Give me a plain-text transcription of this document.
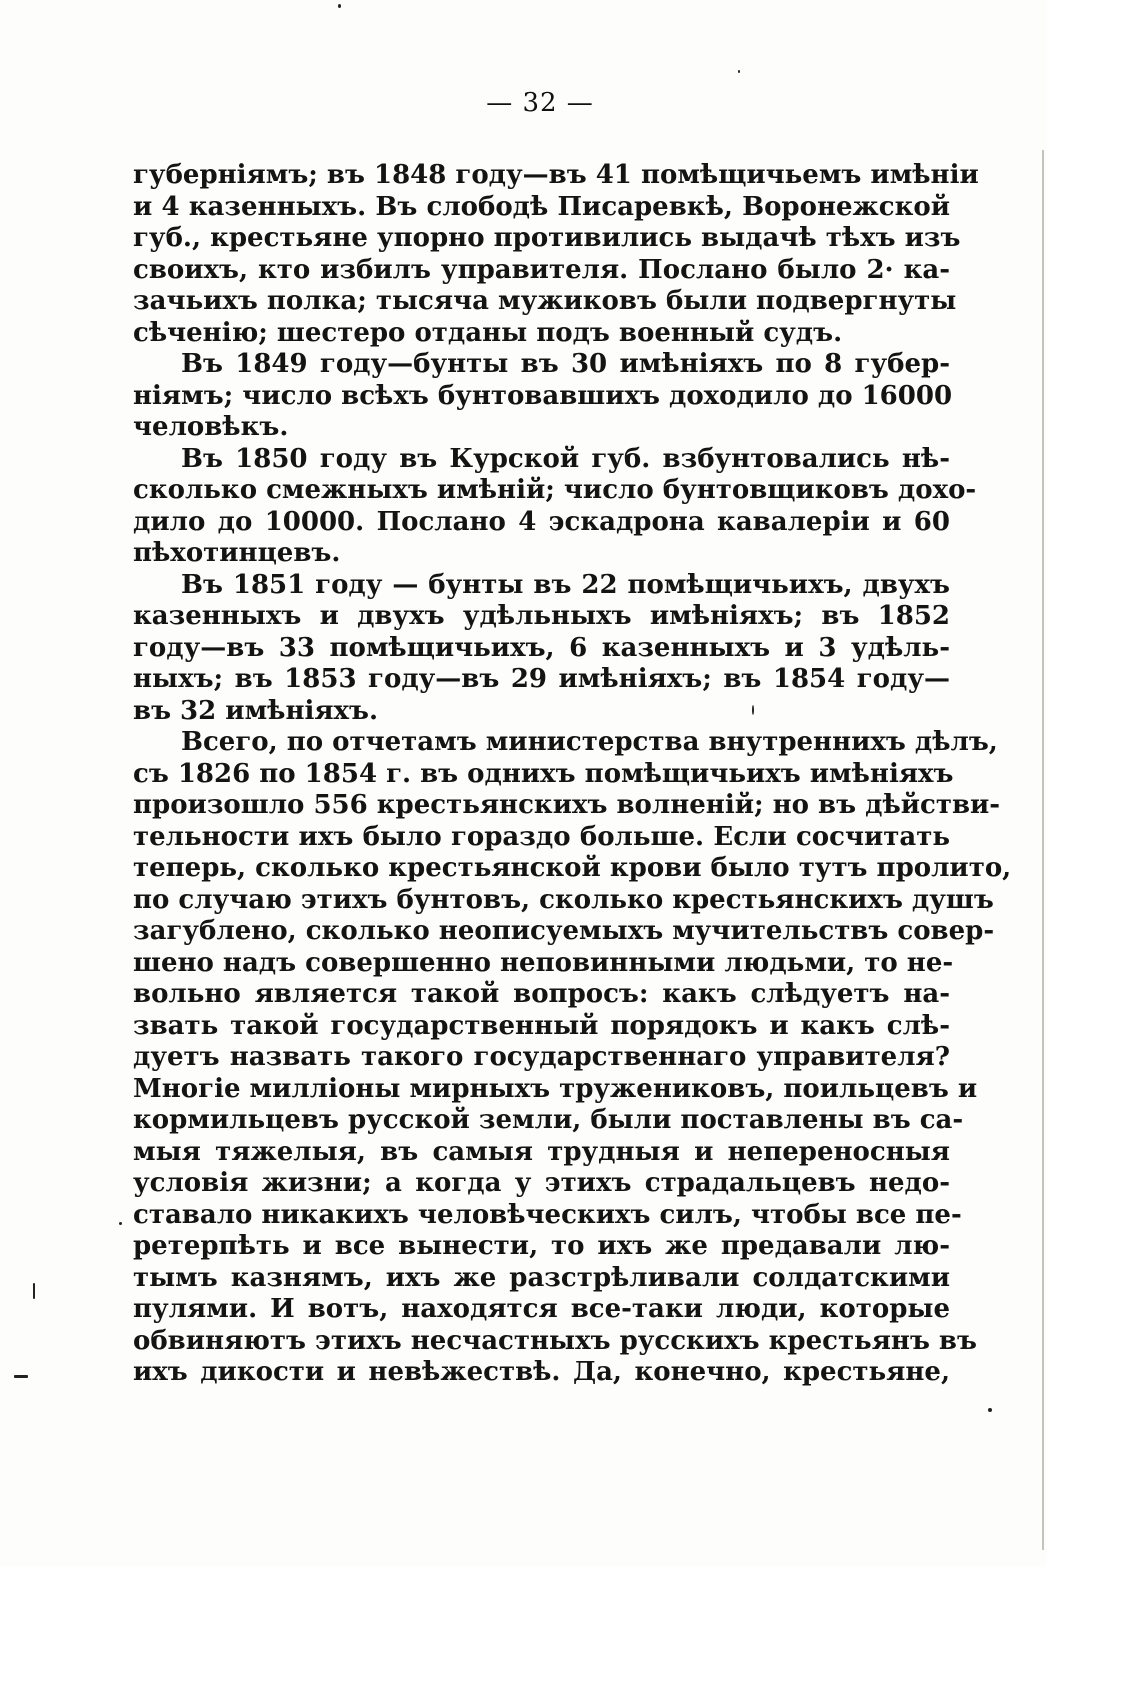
— 32 —
губерніямъ; въ 1848 году—въ 41 помѣщичьемъ имѣніи
и 4 казенныхъ. Въ слободѣ Писаревкѣ, Воронежской
губ., крестьяне упорно противились выдачѣ тѣхъ изъ
своихъ, кто избилъ управителя. Послано было 2· ка-
зачьихъ полка; тысяча мужиковъ были подвергнуты
сѣченію; шестеро отданы подъ военный судъ.
Въ 1849 году—бунты въ 30 имѣніяхъ по 8 губер-
ніямъ; число всѣхъ бунтовавшихъ доходило до 16000
человѣкъ.
Въ 1850 году въ Курской губ. взбунтовались нѣ-
сколько смежныхъ имѣній; число бунтовщиковъ дохо-
дило до 10000. Послано 4 эскадрона кавалеріи и 60
пѣхотинцевъ.
Въ 1851 году — бунты въ 22 помѣщичьихъ, двухъ
казенныхъ и двухъ удѣльныхъ имѣніяхъ; въ 1852
году—въ 33 помѣщичьихъ, 6 казенныхъ и 3 удѣль-
ныхъ; въ 1853 году—въ 29 имѣніяхъ; въ 1854 году—
въ 32 имѣніяхъ.
Всего, по отчетамъ министерства внутреннихъ дѣлъ,
съ 1826 по 1854 г. въ однихъ помѣщичьихъ имѣніяхъ
произошло 556 крестьянскихъ волненій; но въ дѣйстви-
тельности ихъ было гораздо больше. Если сосчитать
теперь, сколько крестьянской крови было тутъ пролито,
по случаю этихъ бунтовъ, сколько крестьянскихъ душъ
загублено, сколько неописуемыхъ мучительствъ совер-
шено надъ совершенно неповинными людьми, то не-
вольно является такой вопросъ: какъ слѣдуетъ на-
звать такой государственный порядокъ и какъ слѣ-
дуетъ назвать такого государственнаго управителя?
Многіе милліоны мирныхъ тружениковъ, поильцевъ и
кормильцевъ русской земли, были поставлены въ са-
мыя тяжелыя, въ самыя трудныя и неперенoсныя
условія жизни; а когда у этихъ страдальцевъ недо-
ставало никакихъ человѣческихъ силъ, чтобы все пе-
ретерпѣть и все вынести, то ихъ же предавали лю-
тымъ казнямъ, ихъ же разстрѣливали солдатскими
пулями. И вотъ, находятся все-таки люди, которые
обвиняютъ этихъ несчастныхъ русскихъ крестьянъ въ
ихъ дикости и невѣжествѣ. Да, конечно, крестьяне,
